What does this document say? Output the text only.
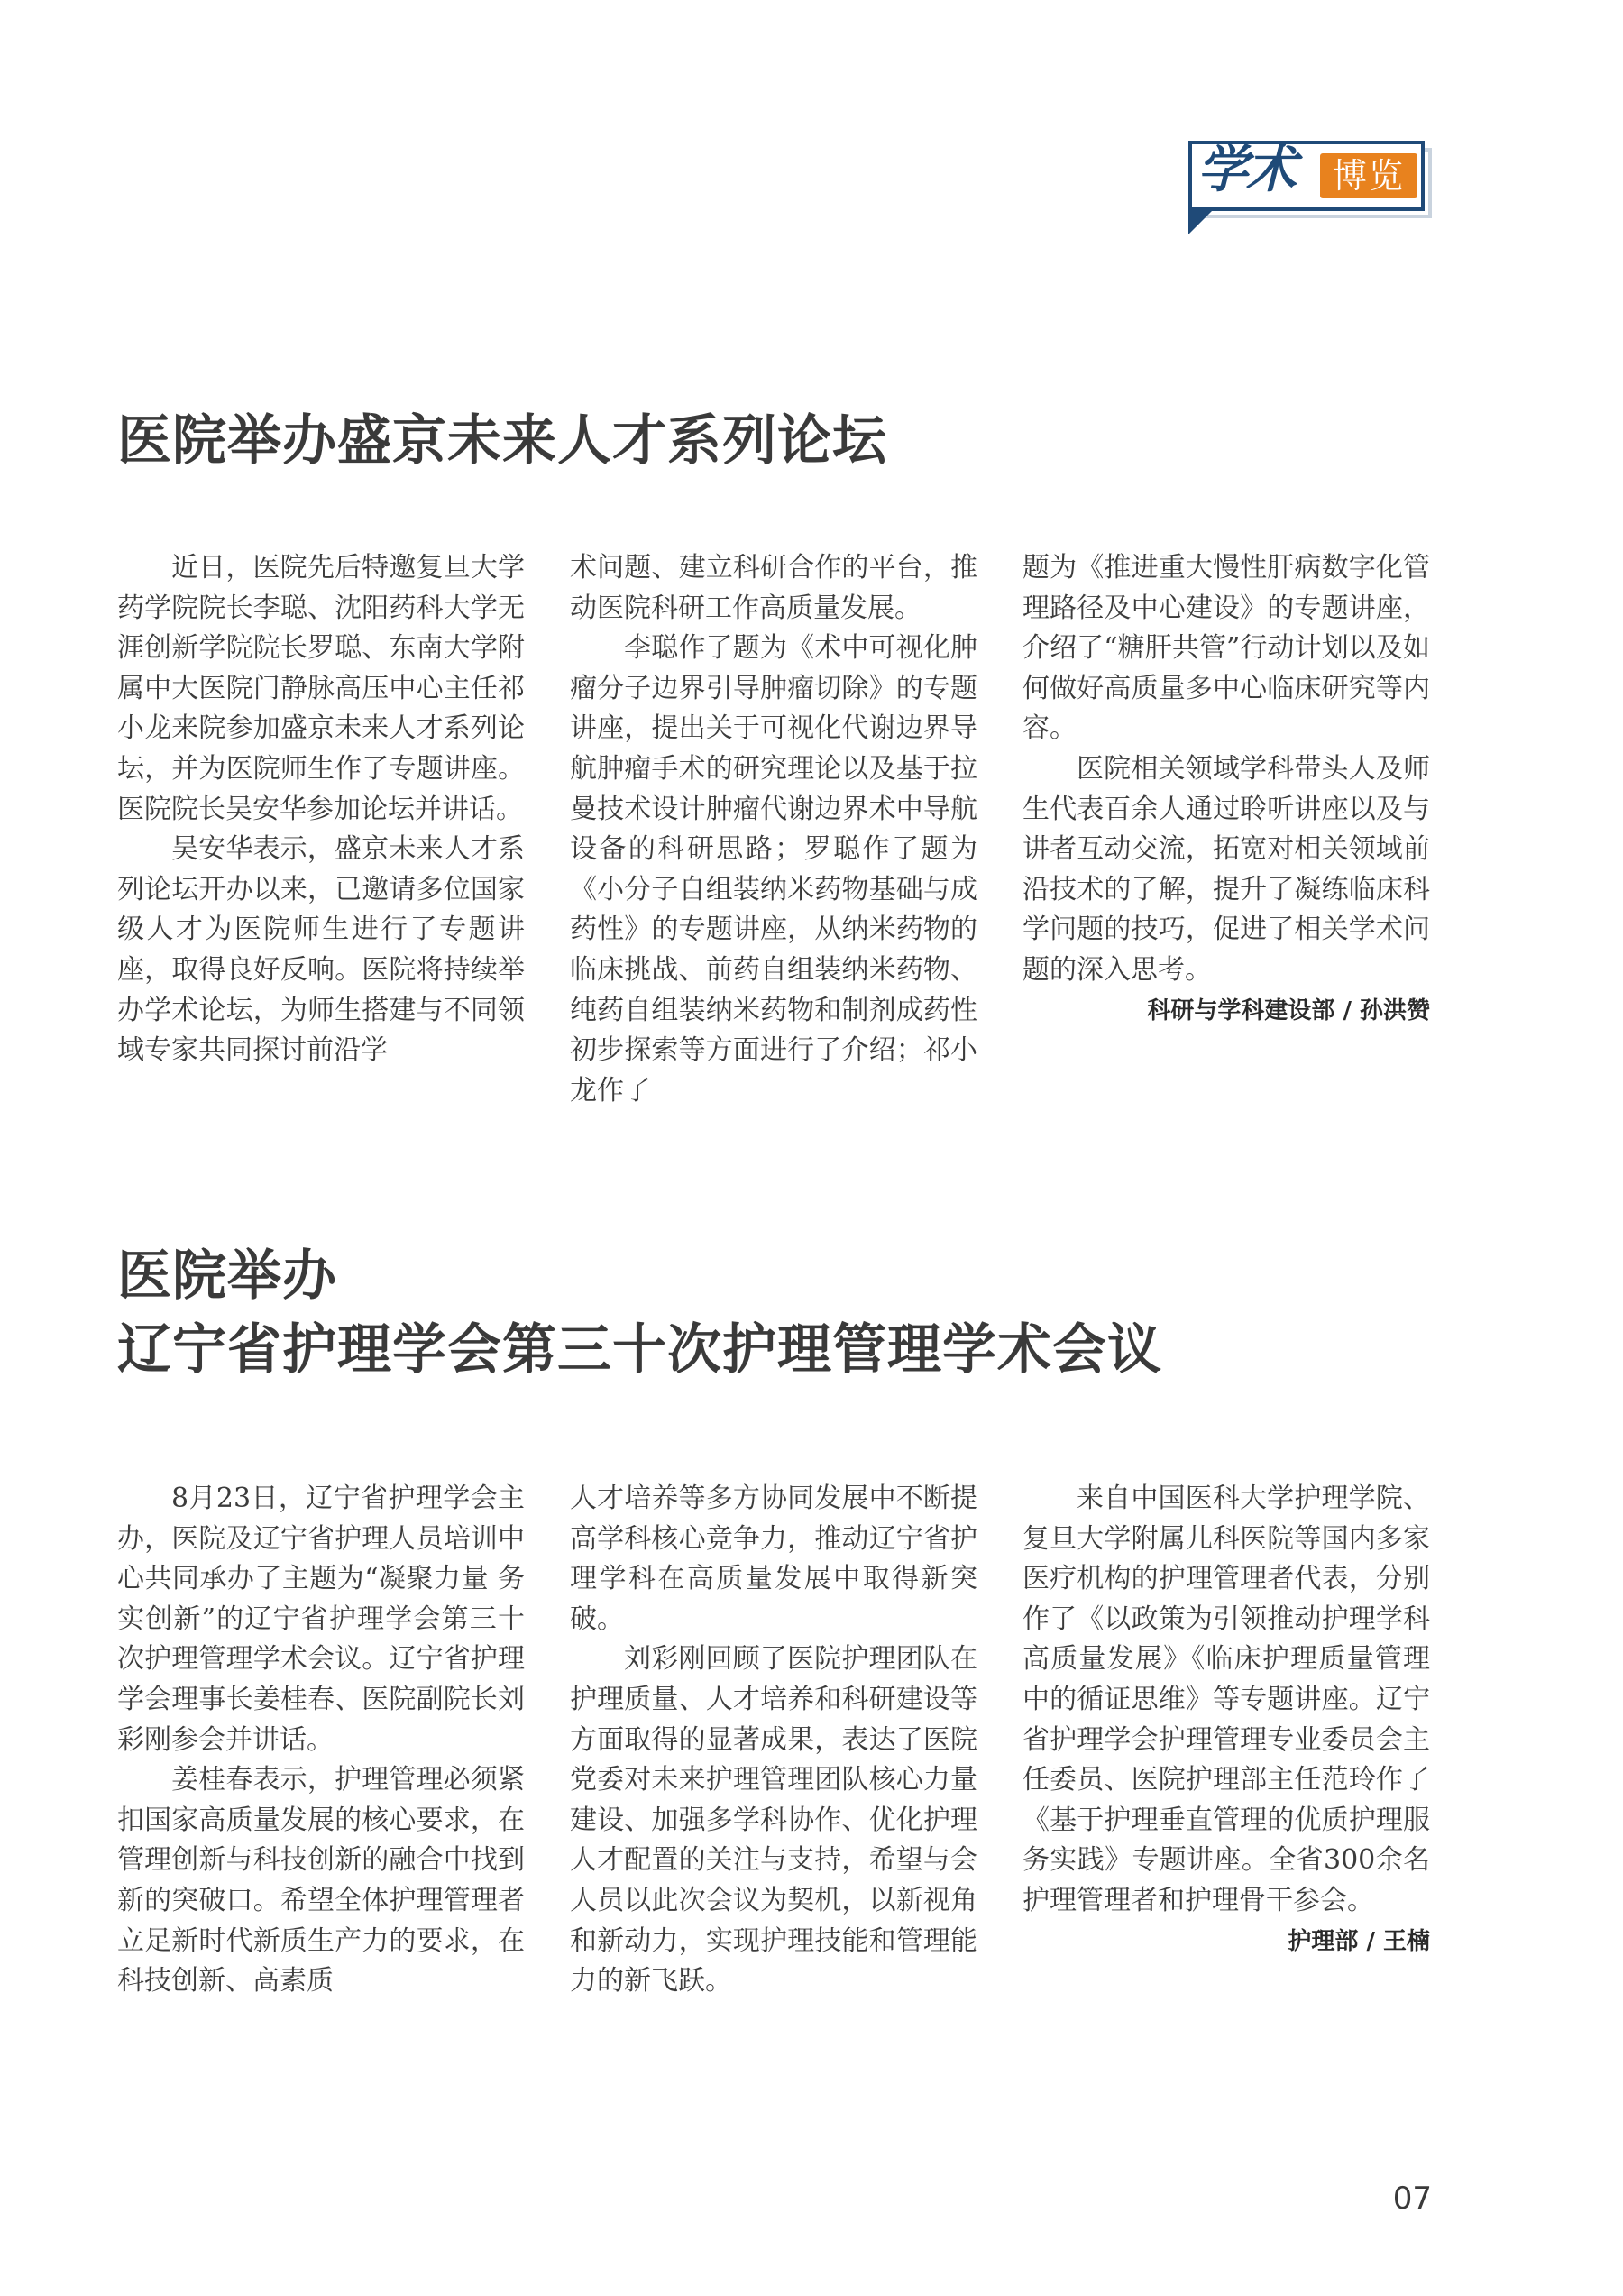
学术	博览
医院举办盛京未来人才系列论坛

近日，医院先后特邀复旦大学药学院院长李聪、沈阳药科大学无涯创新学院院长罗聪、东南大学附属中大医院门静脉高压中心主任祁小龙来院参加盛京未来人才系列论坛，并为医院师生作了专题讲座。医院院长吴安华参加论坛并讲话。

吴安华表示，盛京未来人才系列论坛开办以来，已邀请多位国家级人才为医院师生进行了专题讲座，取得良好反响。医院将持续举办学术论坛，为师生搭建与不同领域专家共同探讨前沿学

术问题、建立科研合作的平台，推动医院科研工作高质量发展。

李聪作了题为《术中可视化肿瘤分子边界引导肿瘤切除》的专题讲座，提出关于可视化代谢边界导航肿瘤手术的研究理论以及基于拉曼技术设计肿瘤代谢边界术中导航设备的科研思路；罗聪作了题为《小分子自组装纳米药物基础与成药性》的专题讲座，从纳米药物的临床挑战、前药自组装纳米药物、纯药自组装纳米药物和制剂成药性初步探索等方面进行了介绍；祁小龙作了

题为《推进重大慢性肝病数字化管理路径及中心建设》的专题讲座，介绍了“糖肝共管”行动计划以及如何做好高质量多中心临床研究等内容。

医院相关领域学科带头人及师生代表百余人通过聆听讲座以及与讲者互动交流，拓宽对相关领域前沿技术的了解，提升了凝练临床科学问题的技巧，促进了相关学术问题的深入思考。

科研与学科建设部 / 孙洪赞

医院举办
辽宁省护理学会第三十次护理管理学术会议

8月23日，辽宁省护理学会主办，医院及辽宁省护理人员培训中心共同承办了主题为“凝聚力量 务实创新”的辽宁省护理学会第三十次护理管理学术会议。辽宁省护理学会理事长姜桂春、医院副院长刘彩刚参会并讲话。

姜桂春表示，护理管理必须紧扣国家高质量发展的核心要求，在管理创新与科技创新的融合中找到新的突破口。希望全体护理管理者立足新时代新质生产力的要求，在科技创新、高素质

人才培养等多方协同发展中不断提高学科核心竞争力，推动辽宁省护理学科在高质量发展中取得新突破。

刘彩刚回顾了医院护理团队在护理质量、人才培养和科研建设等方面取得的显著成果，表达了医院党委对未来护理管理团队核心力量建设、加强多学科协作、优化护理人才配置的关注与支持，希望与会人员以此次会议为契机，以新视角和新动力，实现护理技能和管理能力的新飞跃。

来自中国医科大学护理学院、复旦大学附属儿科医院等国内多家医疗机构的护理管理者代表，分别作了《以政策为引领推动护理学科高质量发展》《临床护理质量管理中的循证思维》等专题讲座。辽宁省护理学会护理管理专业委员会主任委员、医院护理部主任范玲作了《基于护理垂直管理的优质护理服务实践》专题讲座。全省300余名护理管理者和护理骨干参会。

护理部 / 王楠

07
